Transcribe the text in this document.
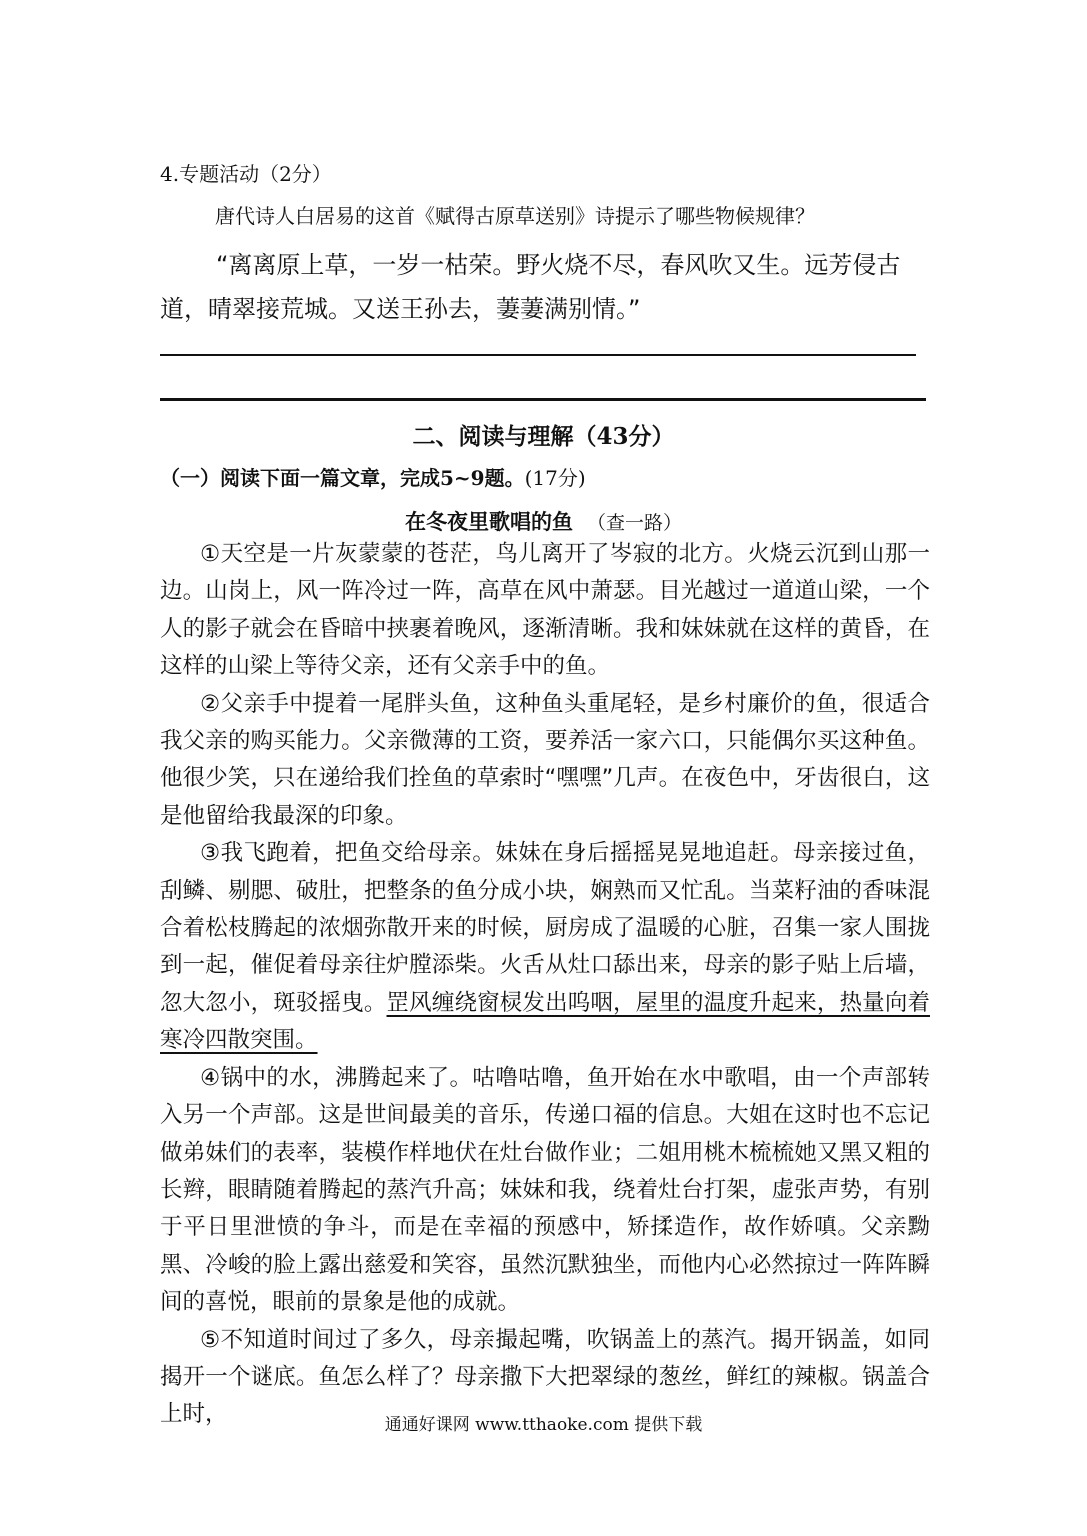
4.专题活动（2分）
唐代诗人白居易的这首《赋得古原草送别》诗提示了哪些物候规律？
“离离原上草，一岁一枯荣。野火烧不尽，春风吹又生。远芳侵古道，晴翠接荒城。又送王孙去，萋萋满别情。”
二、阅读与理解（43分）
（一）阅读下面一篇文章，完成5~9题。(17分)
在冬夜里歌唱的鱼 （查一路）

①天空是一片灰蒙蒙的苍茫，鸟儿离开了岑寂的北方。火烧云沉到山那一边。山岗上，风一阵冷过一阵，高草在风中萧瑟。目光越过一道道山梁，一个人的影子就会在昏暗中挟裹着晚风，逐渐清晰。我和妹妹就在这样的黄昏，在这样的山梁上等待父亲，还有父亲手中的鱼。

②父亲手中提着一尾胖头鱼，这种鱼头重尾轻，是乡村廉价的鱼，很适合我父亲的购买能力。父亲微薄的工资，要养活一家六口，只能偶尔买这种鱼。他很少笑，只在递给我们拴鱼的草索时“嘿嘿”几声。在夜色中，牙齿很白，这是他留给我最深的印象。

③我飞跑着，把鱼交给母亲。妹妹在身后摇摇晃晃地追赶。母亲接过鱼，刮鳞、剔腮、破肚，把整条的鱼分成小块，娴熟而又忙乱。当菜籽油的香味混合着松枝腾起的浓烟弥散开来的时候，厨房成了温暖的心脏，召集一家人围拢到一起，催促着母亲往炉膛添柴。火舌从灶口舔出来，母亲的影子贴上后墙，忽大忽小，斑驳摇曳。罡风缠绕窗棂发出呜咽，屋里的温度升起来，热量向着寒冷四散突围。

④锅中的水，沸腾起来了。咕噜咕噜，鱼开始在水中歌唱，由一个声部转入另一个声部。这是世间最美的音乐，传递口福的信息。大姐在这时也不忘记做弟妹们的表率，装模作样地伏在灶台做作业；二姐用桃木梳梳她又黑又粗的长辫，眼睛随着腾起的蒸汽升高；妹妹和我，绕着灶台打架，虚张声势，有别于平日里泄愤的争斗，而是在幸福的预感中，矫揉造作，故作娇嗔。父亲黝黑、冷峻的脸上露出慈爱和笑容，虽然沉默独坐，而他内心必然掠过一阵阵瞬间的喜悦，眼前的景象是他的成就。

⑤不知道时间过了多久，母亲撮起嘴，吹锅盖上的蒸汽。揭开锅盖，如同揭开一个谜底。鱼怎么样了？母亲撒下大把翠绿的葱丝，鲜红的辣椒。锅盖合上时，	通通好课网 www.tthaoke.com 提供下载
